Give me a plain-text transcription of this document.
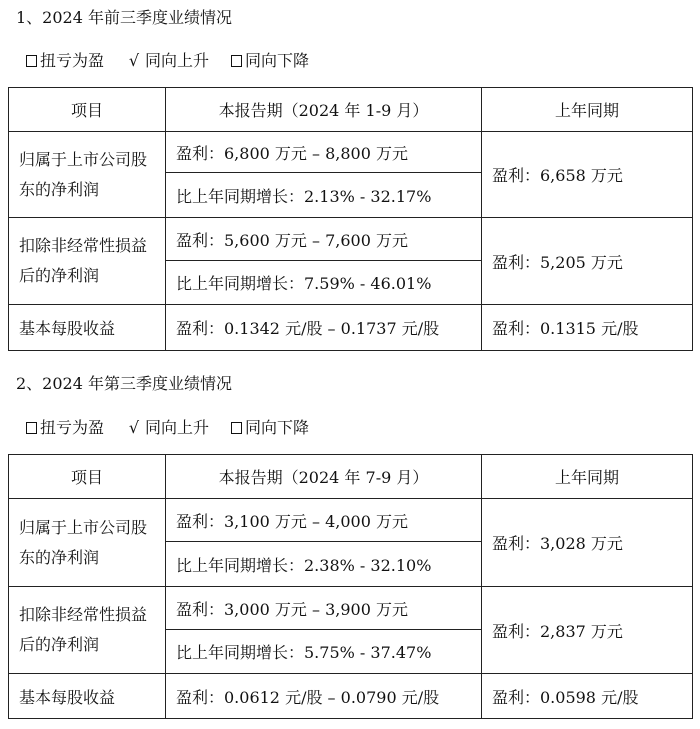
1、2024 年前三季度业绩情况
扭亏为盈 √ 同向上升 同向下降
项目	本报告期（2024 年 1-9 月）	上年同期
归属于上市公司股东的净利润	盈利：6,800 万元 – 8,800 万元	盈利：6,658 万元
	比上年同期增长：2.13% - 32.17%	
扣除非经常性损益后的净利润	盈利：5,600 万元 – 7,600 万元	盈利：5,205 万元
	比上年同期增长：7.59% - 46.01%	
基本每股收益	盈利：0.1342 元/股 – 0.1737 元/股	盈利：0.1315 元/股
2、2024 年第三季度业绩情况
扭亏为盈 √ 同向上升 同向下降
项目	本报告期（2024 年 7-9 月）	上年同期
归属于上市公司股东的净利润	盈利：3,100 万元 – 4,000 万元	盈利：3,028 万元
	比上年同期增长：2.38% - 32.10%	
扣除非经常性损益后的净利润	盈利：3,000 万元 – 3,900 万元	盈利：2,837 万元
	比上年同期增长：5.75% - 37.47%	
基本每股收益	盈利：0.0612 元/股 – 0.0790 元/股	盈利：0.0598 元/股
